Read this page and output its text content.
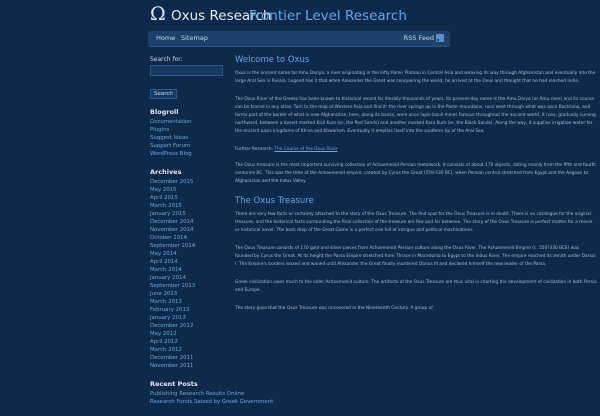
Ω Oxus Research
Frontier Level Research
Home Sitemap	RSS Feed
Search for:
Search
Blogroll
Documentation
Plugins
Suggest Ideas
Support Forum
WordPress Blog
Archives
December 2015
May 2015
April 2015
March 2015
January 2015
December 2014
November 2014
October 2014
September 2014
May 2014
April 2014
March 2014
January 2014
September 2013
June 2013
March 2013
February 2013
January 2013
December 2012
May 2012
April 2012
March 2012
December 2011
November 2011
Recent Posts
Publishing Research Results Online
Research Funds Seized by Greek Government
Welcome to Oxus

Oxus is the ancient name for Amu Dariya, a river originating in the lofty Pamir Plateau in Central Asia and weaving its way through Afghanistan and eventually into the large Aral Sea in Russia. Legend has it that when Alexander the Great was conquering the world, he arrived at the Oxus and thought that he had reached India.

The Oxus River of the Greeks has been known to historical record for literally thousands of years. Its present-day name is the Amu Darya (or Amu river) and its course can be traced in any atlas. Turn to the map of Western Asia and find it: the river springs up in the Pamir mountains, runs west through what was once Bactriana, and forms part of the border of what is now Afghanistan; here, along its banks, were once lapis-lazuli mines famous throughout the ancient world. It runs, gradually curving northward, between a desert marked Kizil Kum (or, the Red Sands) and another marked Kara Kum (or, the Black Sands). Along the way, it supplies irrigation-water for the ancient oasis kingdoms of Khiva and Khwarism. Eventually it empties itself into the southern tip of the Aral Sea.

Further Research: The Course of the Oxus River

The Oxus treasure is the most important surviving collection of Achaemenid Persian metalwork. It consists of about 170 objects, dating mainly from the fifth and fourth centuries BC. This was the time of the Achaemenid empire, created by Cyrus the Great (559-530 BC), when Persian control stretched from Egypt and the Aegean to Afghanistan and the Indus Valley.

The Oxus Treasure

There are very few facts or certainty attached to the story of the Oxus Treasure. The find spot for the Oxus Treasure is in doubt. There is no catalogue for the original treasure, and the historical facts surrounding the final collection of the treasure are few and far between. The story of the Oxus Treasure is perfect matter for a movie or historical novel. The back drop of the Great Game is a perfect one full of intrigue and political machinations.

The Oxus Treasure consists of 170 gold and silver pieces from Achaemenid Persian culture along the Oxus River. The Achaemenid Empire (c. 550?330 BCE) was founded by Cyrus the Great. At its height the Parsa Empire stretched from Thrace in Macedonia to Egypt to the Indus River. The empire reached its zenith under Darius I. The Empire's borders waxed and waned until Alexander the Great finally murdered Darius III and declared himself the new leader of the Parsa.

Greek civilization owes much to the older Achaemenid culture. The artifacts of the Oxus Treasure are thus vital in charting the development of civilization in both Persia and Europe.

The story goes that the Oxus Treasure was uncovered in the Nineteenth Century. A group of
